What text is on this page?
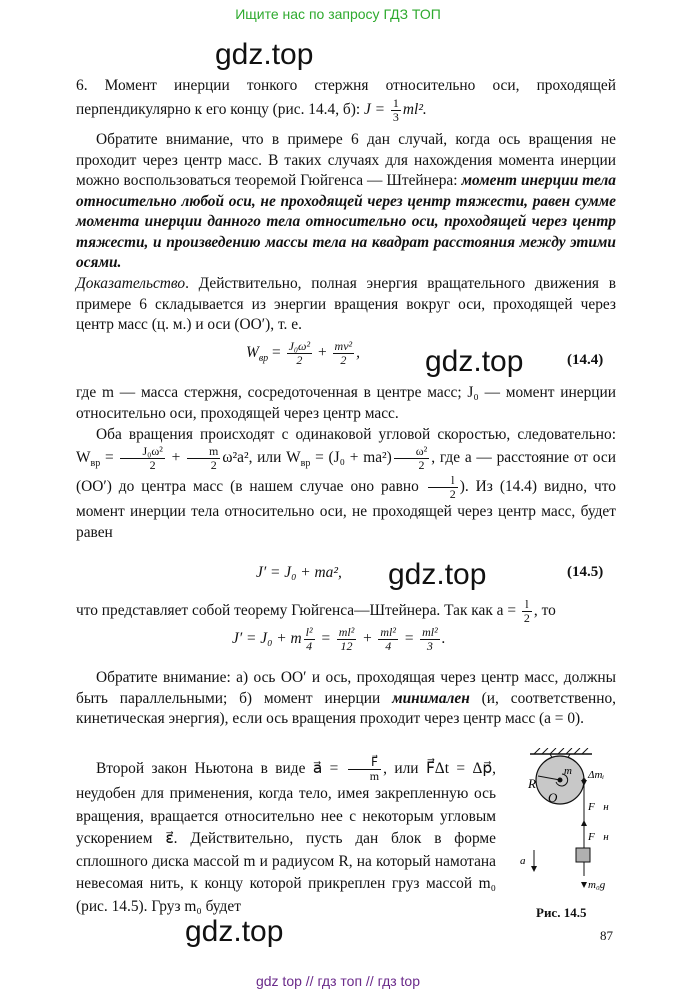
Ищите нас по запросу ГДЗ ТОП
gdz.top
gdz.top
gdz.top
gdz.top

6. Момент инерции тонкого стержня относительно оси, проходящей перпендикулярно к его концу (рис. 14.4, б): $J = \frac{1}{3} ml^2$.

Обратите внимание, что в примере 6 дан случай, когда ось вращения не проходит через центр масс. В таких случаях для нахождения момента инерции можно воспользоваться теоремой Гюйгенса — Штейнера: момент инерции тела относительно любой оси, не проходящей через центр тяжести, равен сумме момента инерции данного тела относительно оси, проходящей через центр тяжести, и произведению массы тела на квадрат расстояния между этими осями.

Доказательство. Действительно, полная энергия вращательного движения в примере 6 складывается из энергии вращения вокруг оси, проходящей через центр масс (ц. м.) и оси (OO′), т. е.

$W_{вр} = \frac{\text{J₀ω²}}{2} + \frac{\text{mv²}}{2}$ ,	(14.4)

где m — масса стержня, сосредоточенная в центре масс; J₀ — момент инерции относительно оси, проходящей через центр масс.

Оба вращения происходят с одинаковой угловой скоростью, следовательно: $W_{вр} = \frac{\text{J₀ω²}}{2} + \frac{m}{2} \omega^2a^2$, или $W_{вр} = (J_0 + ma^2) \frac{\text{ω²}}{2}$ , где a — расстояние от оси (OO′) до центра масс (в нашем случае оно равно $\frac{l}{2}$ ). Из (14.4) видно, что момент инерции тела относительно оси, не проходящей через центр масс, будет равен

J′ = J₀ + ma²,	(14.5)

что представляет собой теорему Гюйгенса—Штейнера. Так как $a = \frac{l}{2}$ , то

J′ = J₀ + m $\frac{\text{l²}}{4} = \frac{\text{ml²}}{12} + \frac{\text{ml²}}{4} = \frac{\text{ml²}}{3}$ .

Обратите внимание: а) ось OO′ и ось, проходящая через центр масс, должны быть параллельными; б) момент инерции минимален (и, соответственно, кинетическая энергия), если ось вращения проходит через центр масс (a = 0).

Второй закон Ньютона в виде a⃗ = $\frac{F⃗}{m}$ , или F⃗Δt = Δp⃗, неудобен для применения, когда тело, имея закрепленную ось вращения, вращается относительно нее с некоторым угловым ускорением ε⃗. Действительно, пусть дан блок в форме сплошного диска массой m и радиусом R, на который намотана невесомая нить, к концу которой прикреплен груз массой m₀ (рис. 14.5). Груз m₀ будет

R
O
m Δmᵢ
F⃗н
F⃗н
a⃗
m₀g⃗
Рис. 14.5
87
gdz top // гдз топ // гдз top
